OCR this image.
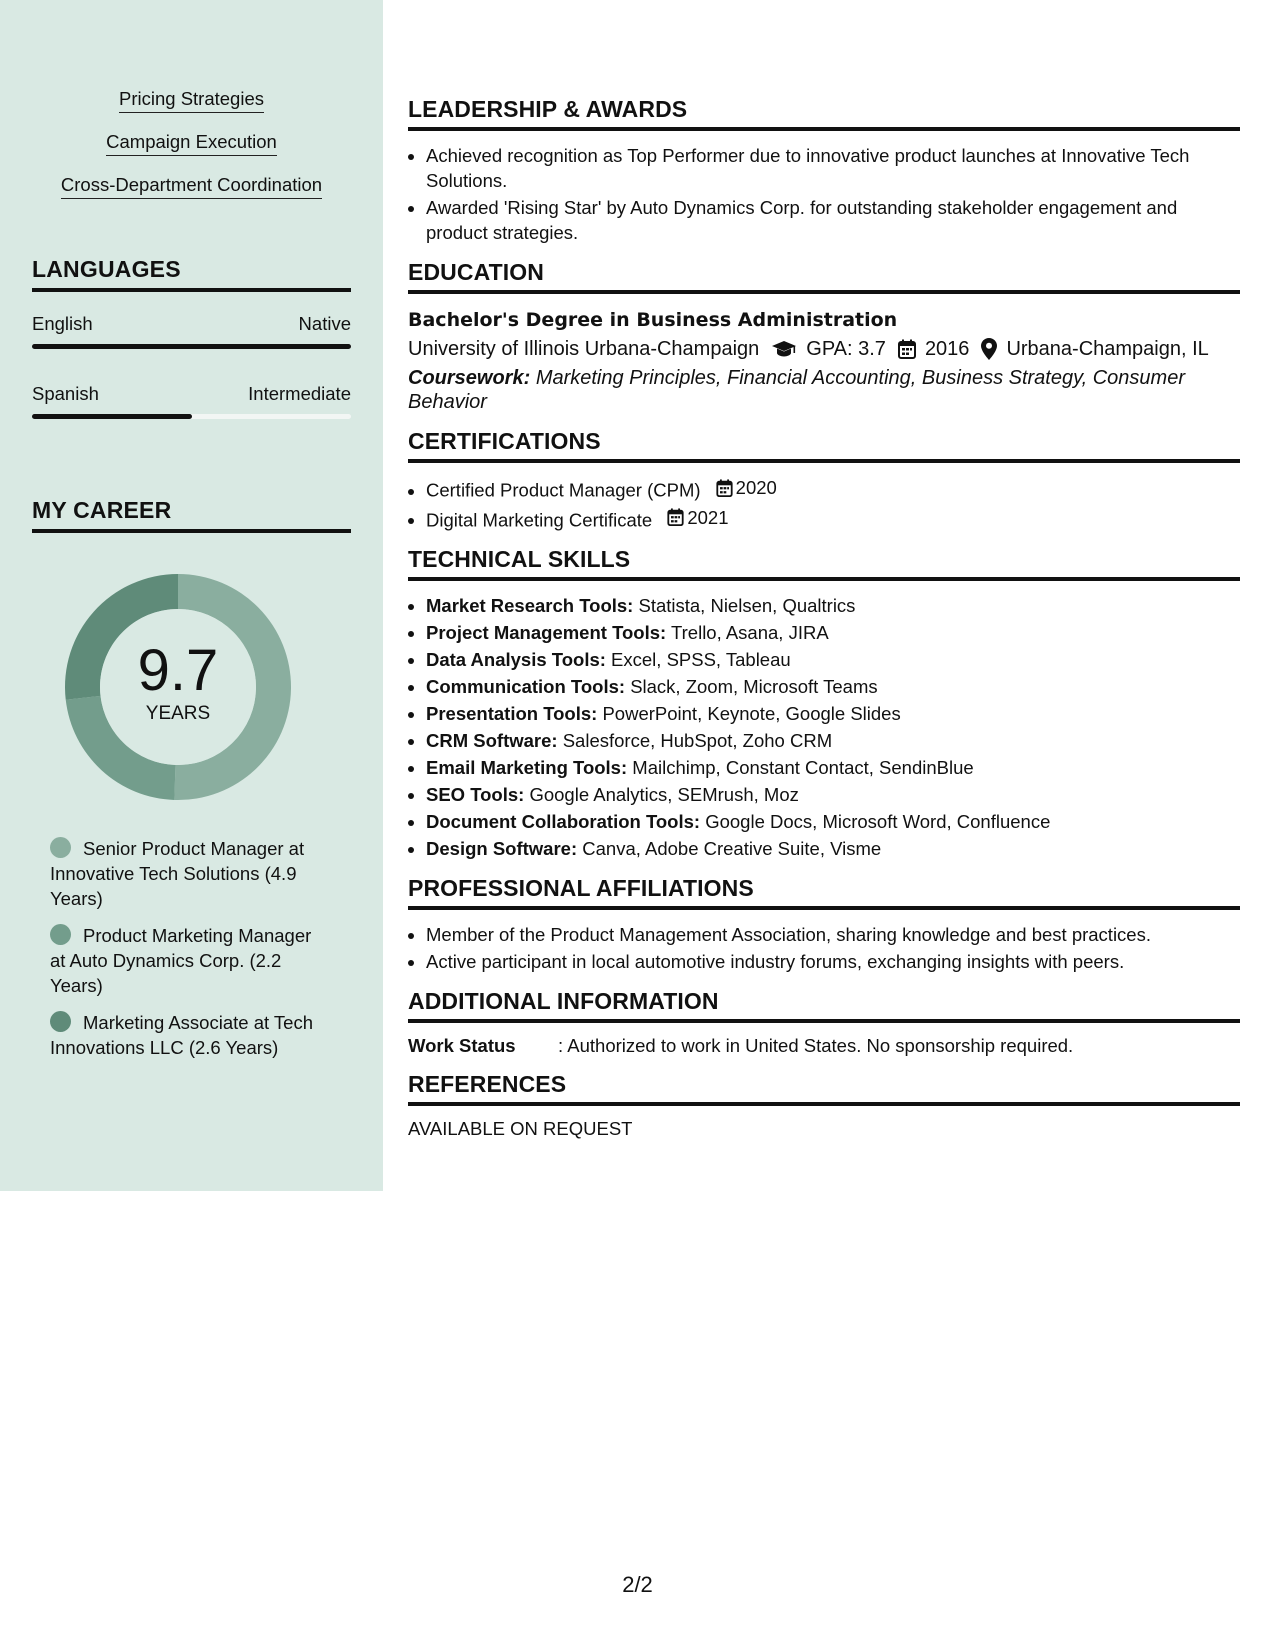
Pricing Strategies
Campaign Execution
Cross-Department Coordination
LANGUAGES
English	Native
Spanish	Intermediate
MY CAREER
9.7
YEARS
Senior Product Manager at Innovative Tech Solutions (4.9 Years)
Product Marketing Manager at Auto Dynamics Corp. (2.2 Years)
Marketing Associate at Tech Innovations LLC (2.6 Years)
LEADERSHIP & AWARDS
• Achieved recognition as Top Performer due to innovative product launches at Innovative Tech Solutions.
• Awarded 'Rising Star' by Auto Dynamics Corp. for outstanding stakeholder engagement and product strategies.
EDUCATION
Bachelor's Degree in Business Administration
University of Illinois Urbana-Champaign GPA: 3.7 2016 Urbana-Champaign, IL
Coursework: Marketing Principles, Financial Accounting, Business Strategy, Consumer Behavior
CERTIFICATIONS
• Certified Product Manager (CPM) 2020
• Digital Marketing Certificate 2021
TECHNICAL SKILLS
• Market Research Tools: Statista, Nielsen, Qualtrics
• Project Management Tools: Trello, Asana, JIRA
• Data Analysis Tools: Excel, SPSS, Tableau
• Communication Tools: Slack, Zoom, Microsoft Teams
• Presentation Tools: PowerPoint, Keynote, Google Slides
• CRM Software: Salesforce, HubSpot, Zoho CRM
• Email Marketing Tools: Mailchimp, Constant Contact, SendinBlue
• SEO Tools: Google Analytics, SEMrush, Moz
• Document Collaboration Tools: Google Docs, Microsoft Word, Confluence
• Design Software: Canva, Adobe Creative Suite, Visme
PROFESSIONAL AFFILIATIONS
• Member of the Product Management Association, sharing knowledge and best practices.
• Active participant in local automotive industry forums, exchanging insights with peers.
ADDITIONAL INFORMATION
Work Status	: Authorized to work in United States. No sponsorship required.
REFERENCES
AVAILABLE ON REQUEST
2/2
